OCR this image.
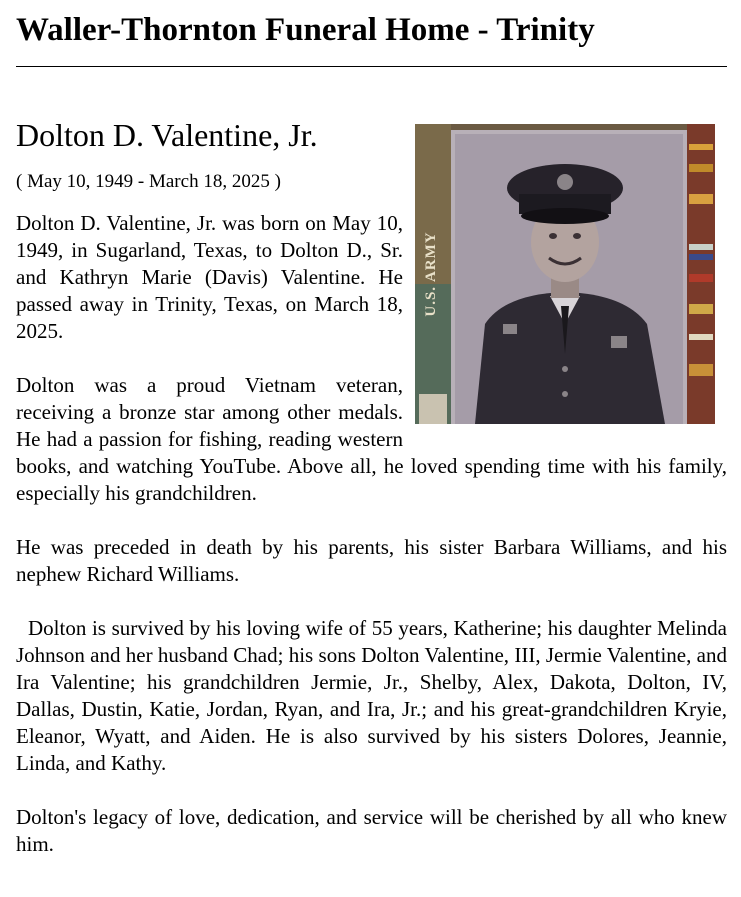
Waller-Thornton Funeral Home - Trinity
U.S. ARMY
Dolton D. Valentine, Jr.

( May 10, 1949 - March 18, 2025 )

Dolton D. Valentine, Jr. was born on May 10, 1949, in Sugarland, Texas, to Dolton D., Sr. and Kathryn Marie (Davis) Valentine. He passed away in Trinity, Texas, on March 18, 2025.

Dolton was a proud Vietnam veteran, receiving a bronze star among other medals. He had a passion for fishing, reading western books, and watching YouTube. Above all, he loved spending time with his family, especially his grandchildren.

He was preceded in death by his parents, his sister Barbara Williams, and his nephew Richard Williams.

Dolton is survived by his loving wife of 55 years, Katherine; his daughter Melinda Johnson and her husband Chad; his sons Dolton Valentine, III, Jermie Valentine, and Ira Valentine; his grandchildren Jermie, Jr., Shelby, Alex, Dakota, Dolton, IV, Dallas, Dustin, Katie, Jordan, Ryan, and Ira, Jr.; and his great-grandchildren Kryie, Eleanor, Wyatt, and Aiden. He is also survived by his sisters Dolores, Jeannie, Linda, and Kathy.

Dolton's legacy of love, dedication, and service will be cherished by all who knew him.
